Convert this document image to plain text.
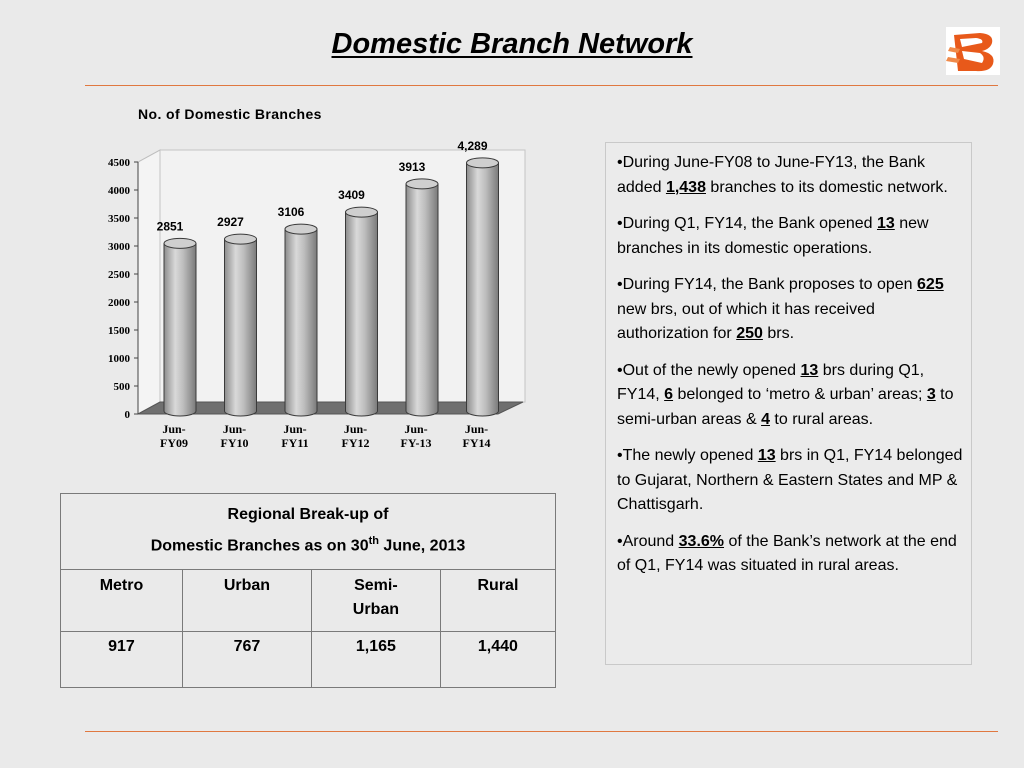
Domestic Branch Network
No. of Domestic Branches
0
500
1000
1500
2000
2500
3000
3500
4000
4500
2851
Jun-FY09
2927
Jun-FY10
3106
Jun-FY11
3409
Jun-FY12
3913
Jun-FY-13
4,289
Jun-FY14

•During June-FY08 to June-FY13, the Bank added 1,438 branches to its domestic network.

•During Q1, FY14, the Bank opened 13 new branches in its domestic operations.

•During FY14, the Bank proposes to open 625 new brs, out of which it has received authorization for 250 brs.

•Out of the newly opened 13 brs during Q1, FY14, 6 belonged to ‘metro & urban’ areas; 3 to semi-urban areas & 4 to rural areas.

•The newly opened 13 brs in Q1, FY14 belonged to Gujarat, Northern & Eastern States and MP & Chattisgarh.

•Around 33.6% of the Bank’s network at the end of Q1, FY14 was situated in rural areas.

Regional Break-up of
Domestic Branches as on 30th June, 2013			

Metro	Urban	Semi-
Urban	Rural
917	767	1,165	1,440
